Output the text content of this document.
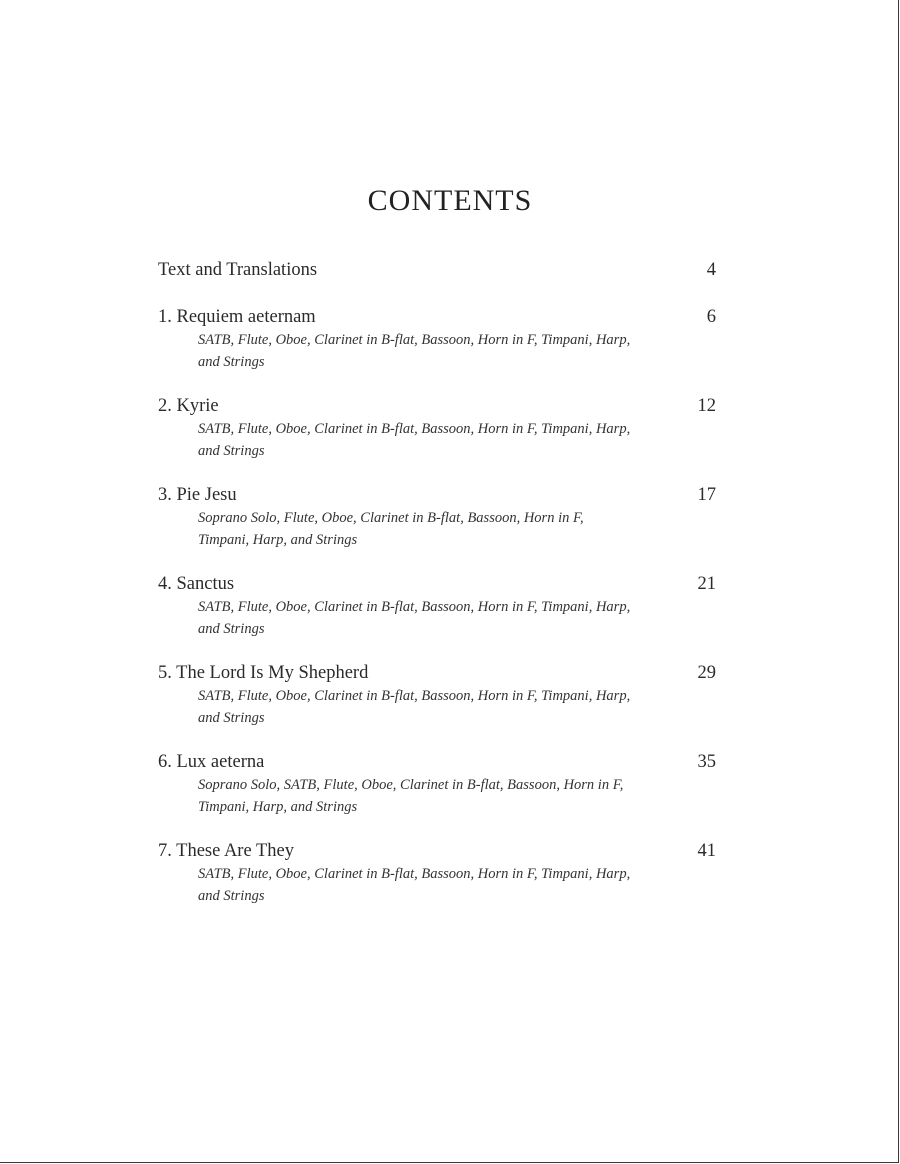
CONTENTS
Text and Translations	4
1. Requiem aeternam	6
SATB, Flute, Oboe, Clarinet in B-flat, Bassoon, Horn in F, Timpani, Harp, and Strings
2. Kyrie	12
SATB, Flute, Oboe, Clarinet in B-flat, Bassoon, Horn in F, Timpani, Harp, and Strings
3. Pie Jesu	17
Soprano Solo, Flute, Oboe, Clarinet in B-flat, Bassoon, Horn in F, Timpani, Harp, and Strings
4. Sanctus	21
SATB, Flute, Oboe, Clarinet in B-flat, Bassoon, Horn in F, Timpani, Harp, and Strings
5. The Lord Is My Shepherd	29
SATB, Flute, Oboe, Clarinet in B-flat, Bassoon, Horn in F, Timpani, Harp, and Strings
6. Lux aeterna	35
Soprano Solo, SATB, Flute, Oboe, Clarinet in B-flat, Bassoon, Horn in F, Timpani, Harp, and Strings
7. These Are They	41
SATB, Flute, Oboe, Clarinet in B-flat, Bassoon, Horn in F, Timpani, Harp, and Strings
